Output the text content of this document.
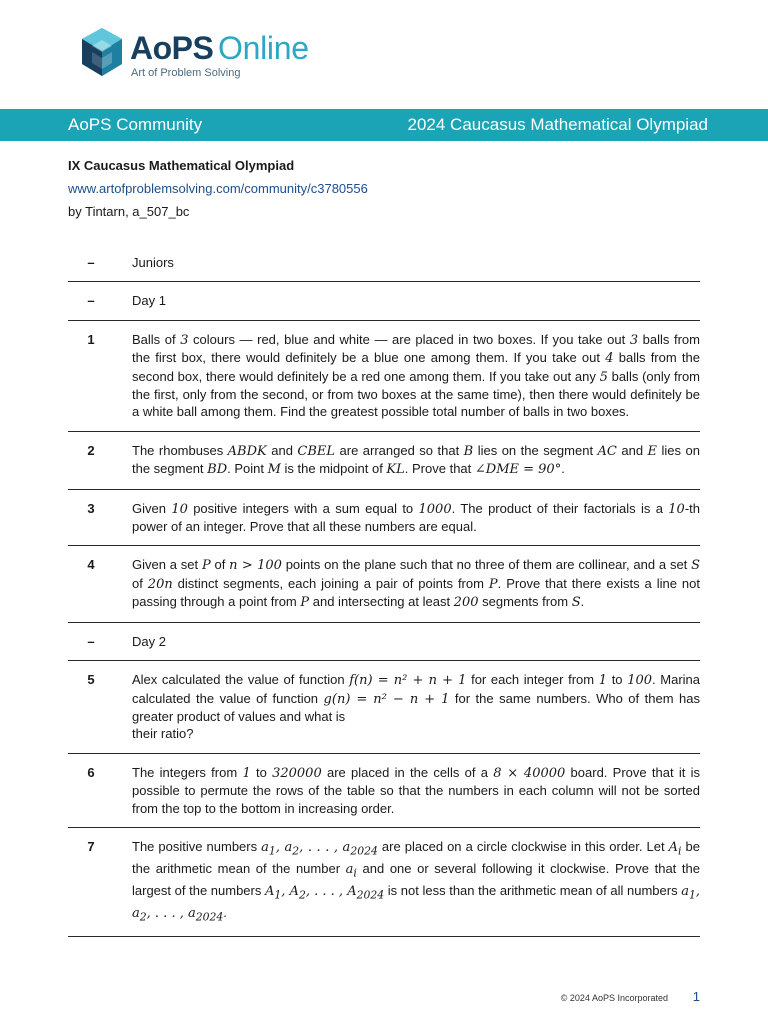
AoPS Online
Art of Problem Solving
AoPS Community	2024 Caucasus Mathematical Olympiad
IX Caucasus Mathematical Olympiad
www.artofproblemsolving.com/community/c3780556
by Tintarn, a_507_bc
–	Juniors
–	Day 1
1	Balls of 3 colours — red, blue and white — are placed in two boxes. If you take out 3 balls from the first box, there would definitely be a blue one among them. If you take out 4 balls from the second box, there would definitely be a red one among them. If you take out any 5 balls (only from the first, only from the second, or from two boxes at the same time), then there would definitely be a white ball among them. Find the greatest possible total number of balls in two boxes.
2	The rhombuses ABDK and CBEL are arranged so that B lies on the segment AC and E lies on the segment BD. Point M is the midpoint of KL. Prove that ∠DME = 90°.
3	Given 10 positive integers with a sum equal to 1000. The product of their factorials is a 10-th power of an integer. Prove that all these numbers are equal.
4	Given a set P of n > 100 points on the plane such that no three of them are collinear, and a set S of 20n distinct segments, each joining a pair of points from P. Prove that there exists a line not passing through a point from P and intersecting at least 200 segments from S.
–	Day 2
5	Alex calculated the value of function f(n) = n² + n + 1 for each integer from 1 to 100. Marina calculated the value of function g(n) = n² − n + 1 for the same numbers. Who of them has greater product of values and what is
their ratio?
6	The integers from 1 to 320000 are placed in the cells of a 8 × 40000 board. Prove that it is possible to permute the rows of the table so that the numbers in each column will not be sorted from the top to the bottom in increasing order.
7	The positive numbers $a_1$, $a_2$, . . . , $a_{2024}$ are placed on a circle clockwise in this order. Let $A_i$ be the arithmetic mean of the number $a_i$ and one or several following it clockwise. Prove that the largest of the numbers $A_1$, $A_2$, . . . , $A_{2024}$ is not less than the arithmetic mean of all numbers $a_1$, $a_2$, . . . , $a_{2024}$.
© 2024 AoPS Incorporated 1
